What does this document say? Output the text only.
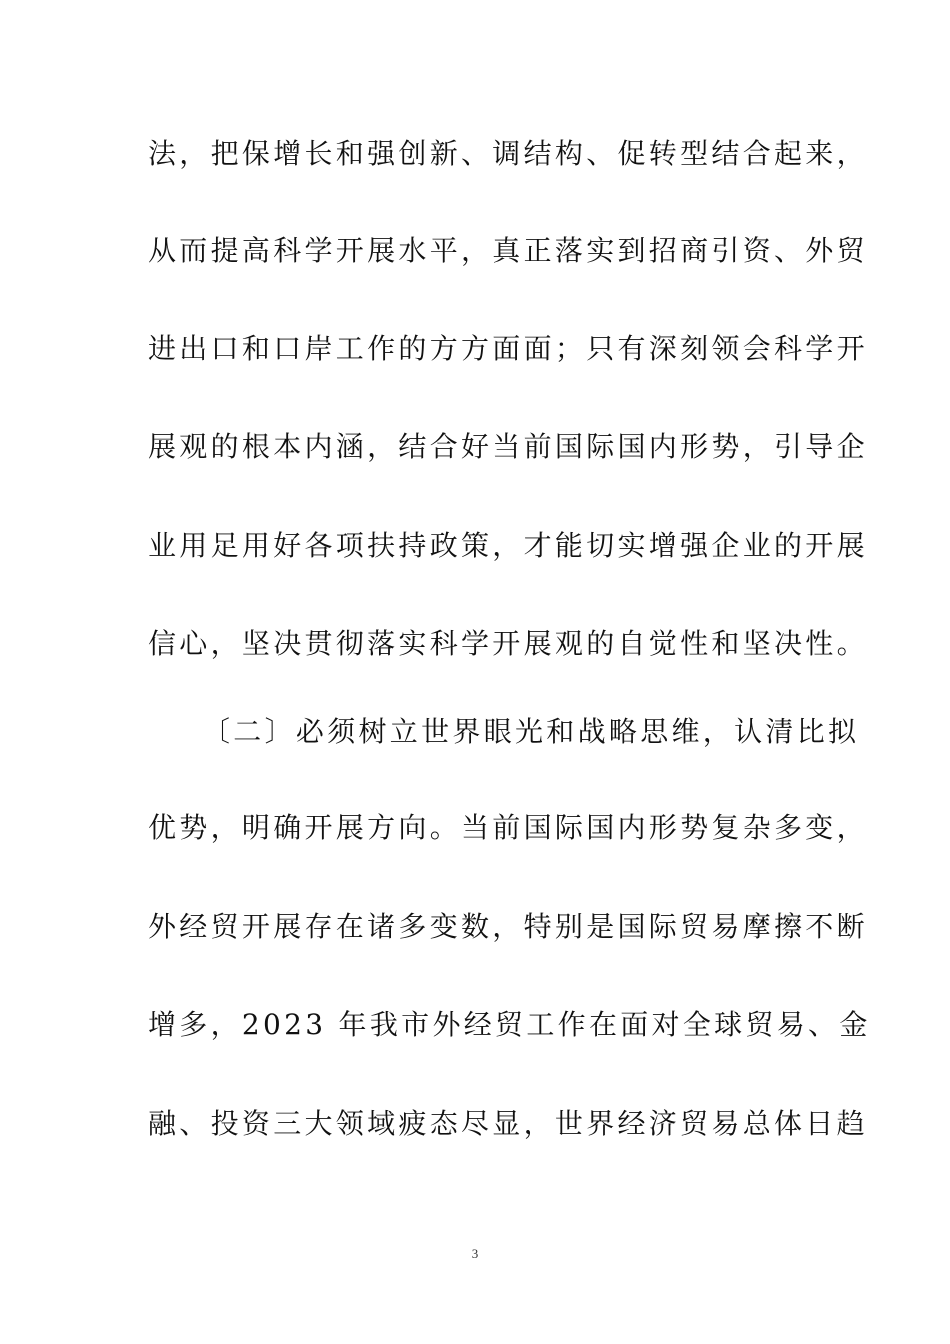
法，把保增长和强创新、调结构、促转型结合起来，
从而提高科学开展水平，真正落实到招商引资、外贸
进出口和口岸工作的方方面面；只有深刻领会科学开
展观的根本内涵，结合好当前国际国内形势，引导企
业用足用好各项扶持政策，才能切实增强企业的开展
信心，坚决贯彻落实科学开展观的自觉性和坚决性。
〔二〕必须树立世界眼光和战略思维，认清比拟
优势，明确开展方向。当前国际国内形势复杂多变，
外经贸开展存在诸多变数，特别是国际贸易摩擦不断
增多，2023 年我市外经贸工作在面对全球贸易、金
融、投资三大领域疲态尽显，世界经济贸易总体日趋
3
